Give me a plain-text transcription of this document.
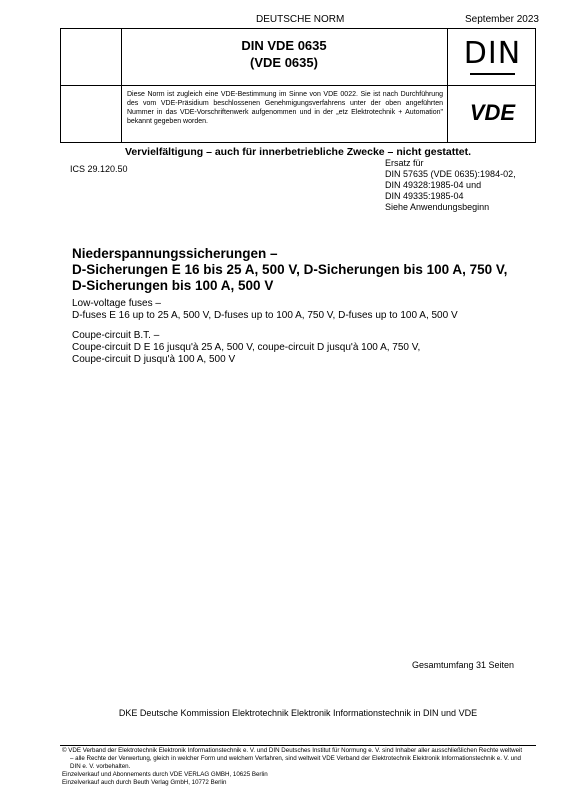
DEUTSCHE NORM	September 2023
DIN VDE 0635
(VDE 0635)	DIN
Diese Norm ist zugleich eine VDE-Bestimmung im Sinne von VDE 0022. Sie ist nach Durchführung des vom VDE-Präsidium beschlossenen Genehmigungsverfahrens unter der oben angeführten Nummer in das VDE-Vorschriftenwerk aufgenommen und in der „etz Elektrotechnik + Automation" bekannt gegeben worden.	VDE
Vervielfältigung – auch für innerbetriebliche Zwecke – nicht gestattet.
ICS 29.120.50
Ersatz für
DIN 57635 (VDE 0635):1984-02,
DIN 49328:1985-04 und
DIN 49335:1985-04
Siehe Anwendungsbeginn
Niederspannungssicherungen –
D-Sicherungen E 16 bis 25 A, 500 V, D-Sicherungen bis 100 A, 750 V,
D-Sicherungen bis 100 A, 500 V
Low-voltage fuses –
D-fuses E 16 up to 25 A, 500 V, D-fuses up to 100 A, 750 V, D-fuses up to 100 A, 500 V
Coupe-circuit B.T. –
Coupe-circuit D E 16 jusqu'à 25 A, 500 V, coupe-circuit D jusqu'à 100 A, 750 V,
Coupe-circuit D jusqu'à 100 A, 500 V
Gesamtumfang 31 Seiten
DKE Deutsche Kommission Elektrotechnik Elektronik Informationstechnik in DIN und VDE
© VDE Verband der Elektrotechnik Elektronik Informationstechnik e. V. und DIN Deutsches Institut für Normung e. V. sind Inhaber aller ausschließlichen Rechte weltweit
– alle Rechte der Verwertung, gleich in welcher Form und welchem Verfahren, sind weltweit VDE Verband der Elektrotechnik Elektronik Informationstechnik e. V. und
DIN e. V. vorbehalten.
Einzelverkauf und Abonnements durch VDE VERLAG GMBH, 10625 Berlin
Einzelverkauf auch durch Beuth Verlag GmbH, 10772 Berlin
